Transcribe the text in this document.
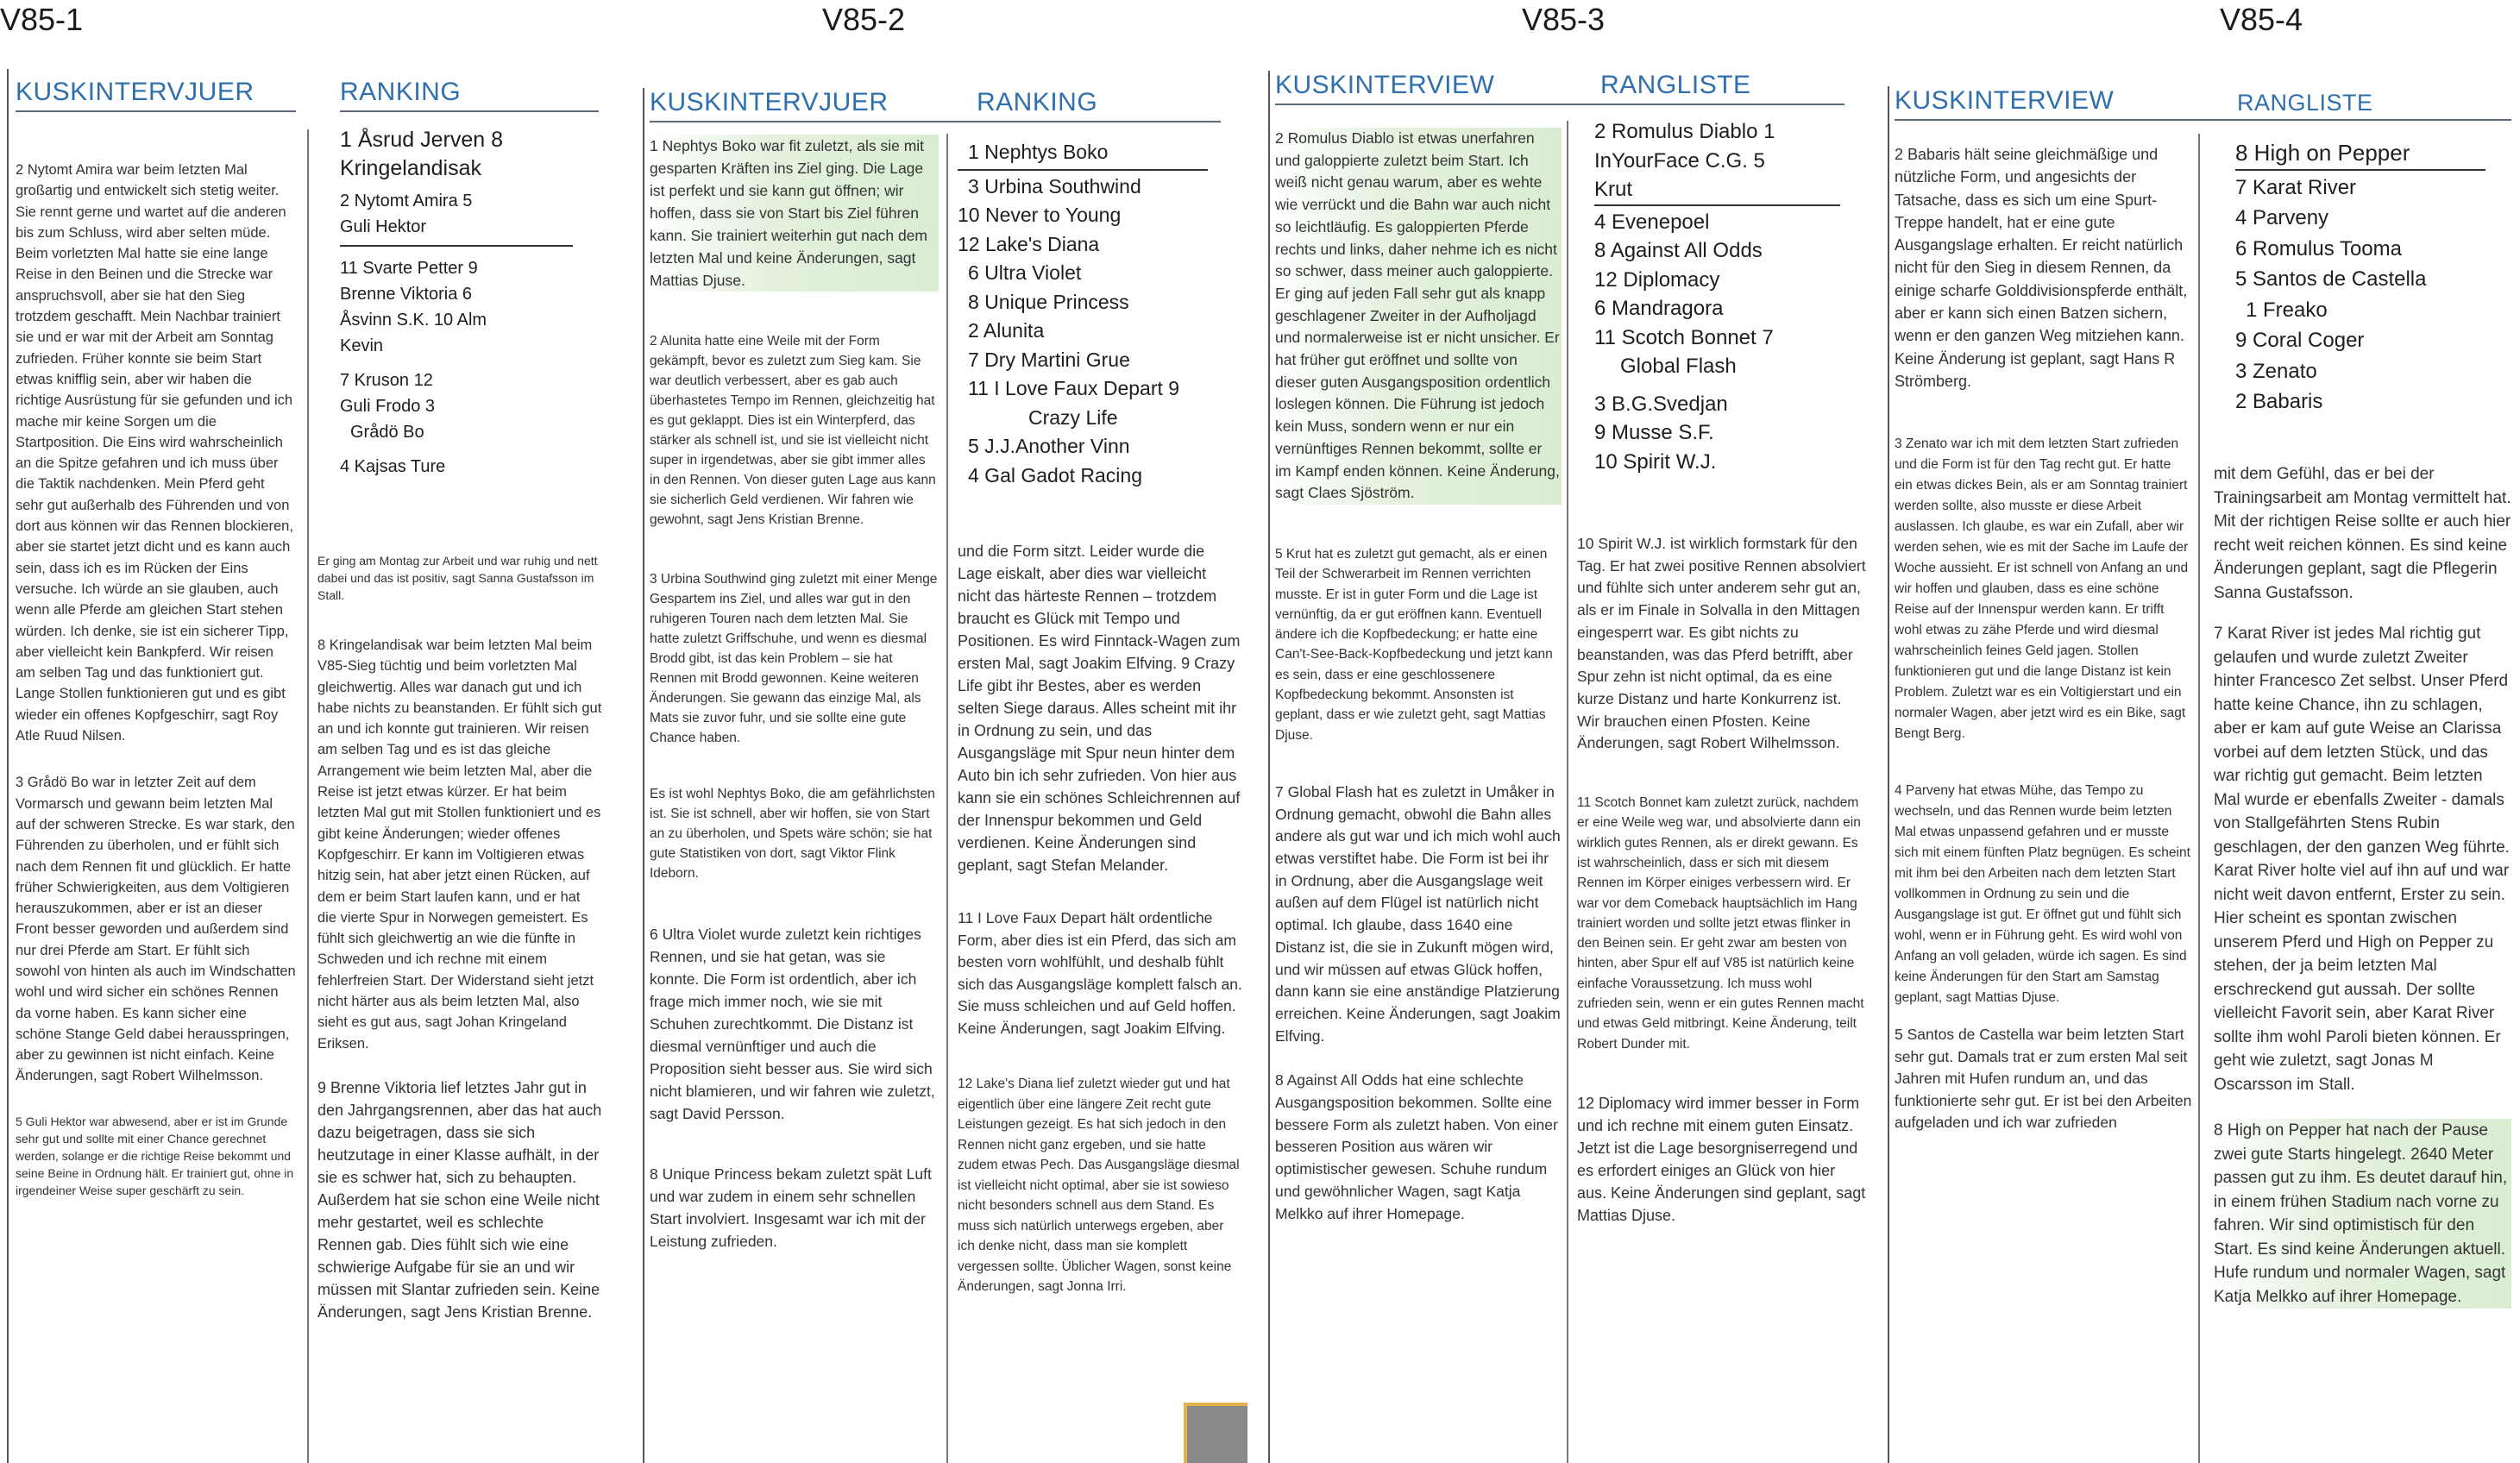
V85-1	V85-2	V85-3	V85-4
KUSKINTERVJUER	RANKING
1 Åsrud Jerven 8
Kringelandisak
2 Nytomt Amira 5
Guli Hektor
11 Svarte Petter 9
Brenne Viktoria 6
Åsvinn S.K. 10 Alm
Kevin
7 Kruson 12
Guli Frodo 3
Grådö Bo
4 Kajsas Ture

2 Nytomt Amira war beim letzten Mal großartig und entwickelt sich stetig weiter. Sie rennt gerne und wartet auf die anderen bis zum Schluss, wird aber selten müde. Beim vorletzten Mal hatte sie eine lange Reise in den Beinen und die Strecke war anspruchsvoll, aber sie hat den Sieg trotzdem geschafft. Mein Nachbar trainiert sie und er war mit der Arbeit am Sonntag zufrieden. Früher konnte sie beim Start etwas knifflig sein, aber wir haben die richtige Ausrüstung für sie gefunden und ich mache mir keine Sorgen um die Startposition. Die Eins wird wahrscheinlich an die Spitze gefahren und ich muss über die Taktik nachdenken. Mein Pferd geht sehr gut außerhalb des Führenden und von dort aus können wir das Rennen blockieren, aber sie startet jetzt dicht und es kann auch sein, dass ich es im Rücken der Eins versuche. Ich würde an sie glauben, auch wenn alle Pferde am gleichen Start stehen würden. Ich denke, sie ist ein sicherer Tipp, aber vielleicht kein Bankpferd. Wir reisen am selben Tag und das funktioniert gut. Lange Stollen funktionieren gut und es gibt wieder ein offenes Kopfgeschirr, sagt Roy Atle Ruud Nilsen.

3 Grådö Bo war in letzter Zeit auf dem Vormarsch und gewann beim letzten Mal auf der schweren Strecke. Es war stark, den Führenden zu überholen, und er fühlt sich nach dem Rennen fit und glücklich. Er hatte früher Schwierigkeiten, aus dem Voltigieren herauszukommen, aber er ist an dieser Front besser geworden und außerdem sind nur drei Pferde am Start. Er fühlt sich sowohl von hinten als auch im Windschatten wohl und wird sicher ein schönes Rennen da vorne haben. Es kann sicher eine schöne Stange Geld dabei herausspringen, aber zu gewinnen ist nicht einfach. Keine Änderungen, sagt Robert Wilhelmsson.

5 Guli Hektor war abwesend, aber er ist im Grunde sehr gut und sollte mit einer Chance gerechnet werden, solange er die richtige Reise bekommt und seine Beine in Ordnung hält. Er trainiert gut, ohne in irgendeiner Weise super geschärft zu sein.

Er ging am Montag zur Arbeit und war ruhig und nett dabei und das ist positiv, sagt Sanna Gustafsson im Stall.

8 Kringelandisak war beim letzten Mal beim V85-Sieg tüchtig und beim vorletzten Mal gleichwertig. Alles war danach gut und ich habe nichts zu beanstanden. Er fühlt sich gut an und ich konnte gut trainieren. Wir reisen am selben Tag und es ist das gleiche Arrangement wie beim letzten Mal, aber die Reise ist jetzt etwas kürzer. Er hat beim letzten Mal gut mit Stollen funktioniert und es gibt keine Änderungen; wieder offenes Kopfgeschirr. Er kann im Voltigieren etwas hitzig sein, hat aber jetzt einen Rücken, auf dem er beim Start laufen kann, und er hat die vierte Spur in Norwegen gemeistert. Es fühlt sich gleichwertig an wie die fünfte in Schweden und ich rechne mit einem fehlerfreien Start. Der Widerstand sieht jetzt nicht härter aus als beim letzten Mal, also sieht es gut aus, sagt Johan Kringeland Eriksen.

9 Brenne Viktoria lief letztes Jahr gut in den Jahrgangsrennen, aber das hat auch dazu beigetragen, dass sie sich heutzutage in einer Klasse aufhält, in der sie es schwer hat, sich zu behaupten. Außerdem hat sie schon eine Weile nicht mehr gestartet, weil es schlechte Rennen gab. Dies fühlt sich wie eine schwierige Aufgabe für sie an und wir müssen mit Slantar zufrieden sein. Keine Änderungen, sagt Jens Kristian Brenne.

KUSKINTERVJUER	RANKING
1 Nephtys Boko
3 Urbina Southwind
10 Never to Young
12 Lake's Diana
6 Ultra Violet
8 Unique Princess
2 Alunita
7 Dry Martini Grue
11 I Love Faux Depart 9
Crazy Life
5 J.J.Another Vinn
4 Gal Gadot Racing

1 Nephtys Boko war fit zuletzt, als sie mit gesparten Kräften ins Ziel ging. Die Lage ist perfekt und sie kann gut öffnen; wir hoffen, dass sie von Start bis Ziel führen kann. Sie trainiert weiterhin gut nach dem letzten Mal und keine Änderungen, sagt Mattias Djuse.

2 Alunita hatte eine Weile mit der Form gekämpft, bevor es zuletzt zum Sieg kam. Sie war deutlich verbessert, aber es gab auch überhastetes Tempo im Rennen, gleichzeitig hat es gut geklappt. Dies ist ein Winterpferd, das stärker als schnell ist, und sie ist vielleicht nicht super in irgendetwas, aber sie gibt immer alles in den Rennen. Von dieser guten Lage aus kann sie sicherlich Geld verdienen. Wir fahren wie gewohnt, sagt Jens Kristian Brenne.

3 Urbina Southwind ging zuletzt mit einer Menge Gespartem ins Ziel, und alles war gut in den ruhigeren Touren nach dem letzten Mal. Sie hatte zuletzt Griffschuhe, und wenn es diesmal Brodd gibt, ist das kein Problem – sie hat Rennen mit Brodd gewonnen. Keine weiteren Änderungen. Sie gewann das einzige Mal, als Mats sie zuvor fuhr, und sie sollte eine gute Chance haben.

Es ist wohl Nephtys Boko, die am gefährlichsten ist. Sie ist schnell, aber wir hoffen, sie von Start an zu überholen, und Spets wäre schön; sie hat gute Statistiken von dort, sagt Viktor Flink Ideborn.

6 Ultra Violet wurde zuletzt kein richtiges Rennen, und sie hat getan, was sie konnte. Die Form ist ordentlich, aber ich frage mich immer noch, wie sie mit Schuhen zurechtkommt. Die Distanz ist diesmal vernünftiger und auch die Proposition sieht besser aus. Sie wird sich nicht blamieren, und wir fahren wie zuletzt, sagt David Persson.

8 Unique Princess bekam zuletzt spät Luft und war zudem in einem sehr schnellen Start involviert. Insgesamt war ich mit der Leistung zufrieden.

und die Form sitzt. Leider wurde die Lage eiskalt, aber dies war vielleicht nicht das härteste Rennen – trotzdem braucht es Glück mit Tempo und Positionen. Es wird Finntack-Wagen zum ersten Mal, sagt Joakim Elfving. 9 Crazy Life gibt ihr Bestes, aber es werden selten Siege daraus. Alles scheint mit ihr in Ordnung zu sein, und das Ausgangsläge mit Spur neun hinter dem Auto bin ich sehr zufrieden. Von hier aus kann sie ein schönes Schleichrennen auf der Innenspur bekommen und Geld verdienen. Keine Änderungen sind geplant, sagt Stefan Melander.

11 I Love Faux Depart hält ordentliche Form, aber dies ist ein Pferd, das sich am besten vorn wohlfühlt, und deshalb fühlt sich das Ausgangsläge komplett falsch an. Sie muss schleichen und auf Geld hoffen. Keine Änderungen, sagt Joakim Elfving.

12 Lake's Diana lief zuletzt wieder gut und hat eigentlich über eine längere Zeit recht gute Leistungen gezeigt. Es hat sich jedoch in den Rennen nicht ganz ergeben, und sie hatte zudem etwas Pech. Das Ausgangsläge diesmal ist vielleicht nicht optimal, aber sie ist sowieso nicht besonders schnell aus dem Stand. Es muss sich natürlich unterwegs ergeben, aber ich denke nicht, dass man sie komplett vergessen sollte. Üblicher Wagen, sonst keine Änderungen, sagt Jonna Irri.

KUSKINTERVIEW	RANGLISTE
2 Romulus Diablo 1
InYourFace C.G. 5
Krut
4 Evenepoel
8 Against All Odds
12 Diplomacy
6 Mandragora
11 Scotch Bonnet 7
Global Flash
3 B.G.Svedjan
9 Musse S.F.
10 Spirit W.J.

2 Romulus Diablo ist etwas unerfahren und galoppierte zuletzt beim Start. Ich weiß nicht genau warum, aber es wehte wie verrückt und die Bahn war auch nicht so leichtläufig. Es galoppierten Pferde rechts und links, daher nehme ich es nicht so schwer, dass meiner auch galoppierte. Er ging auf jeden Fall sehr gut als knapp geschlagener Zweiter in der Aufholjagd und normalerweise ist er nicht unsicher. Er hat früher gut eröffnet und sollte von dieser guten Ausgangsposition ordentlich loslegen können. Die Führung ist jedoch kein Muss, sondern wenn er nur ein vernünftiges Rennen bekommt, sollte er im Kampf enden können. Keine Änderung, sagt Claes Sjöström.

5 Krut hat es zuletzt gut gemacht, als er einen Teil der Schwerarbeit im Rennen verrichten musste. Er ist in guter Form und die Lage ist vernünftig, da er gut eröffnen kann. Eventuell ändere ich die Kopfbedeckung; er hatte eine Can't-See-Back-Kopfbedeckung und jetzt kann es sein, dass er eine geschlossenere Kopfbedeckung bekommt. Ansonsten ist geplant, dass er wie zuletzt geht, sagt Mattias Djuse.

7 Global Flash hat es zuletzt in Umåker in Ordnung gemacht, obwohl die Bahn alles andere als gut war und ich mich wohl auch etwas verstiftet habe. Die Form ist bei ihr in Ordnung, aber die Ausgangslage weit außen auf dem Flügel ist natürlich nicht optimal. Ich glaube, dass 1640 eine Distanz ist, die sie in Zukunft mögen wird, und wir müssen auf etwas Glück hoffen, dann kann sie eine anständige Platzierung erreichen. Keine Änderungen, sagt Joakim Elfving.

8 Against All Odds hat eine schlechte Ausgangsposition bekommen. Sollte eine bessere Form als zuletzt haben. Von einer besseren Position aus wären wir optimistischer gewesen. Schuhe rundum und gewöhnlicher Wagen, sagt Katja Melkko auf ihrer Homepage.

10 Spirit W.J. ist wirklich formstark für den Tag. Er hat zwei positive Rennen absolviert und fühlte sich unter anderem sehr gut an, als er im Finale in Solvalla in den Mittagen eingesperrt war. Es gibt nichts zu beanstanden, was das Pferd betrifft, aber Spur zehn ist nicht optimal, da es eine kurze Distanz und harte Konkurrenz ist. Wir brauchen einen Pfosten. Keine Änderungen, sagt Robert Wilhelmsson.

11 Scotch Bonnet kam zuletzt zurück, nachdem er eine Weile weg war, und absolvierte dann ein wirklich gutes Rennen, als er direkt gewann. Es ist wahrscheinlich, dass er sich mit diesem Rennen im Körper einiges verbessern wird. Er war vor dem Comeback hauptsächlich im Hang trainiert worden und sollte jetzt etwas flinker in den Beinen sein. Er geht zwar am besten von hinten, aber Spur elf auf V85 ist natürlich keine einfache Voraussetzung. Ich muss wohl zufrieden sein, wenn er ein gutes Rennen macht und etwas Geld mitbringt. Keine Änderung, teilt Robert Dunder mit.

12 Diplomacy wird immer besser in Form und ich rechne mit einem guten Einsatz. Jetzt ist die Lage besorgniserregend und es erfordert einiges an Glück von hier aus. Keine Änderungen sind geplant, sagt Mattias Djuse.

KUSKINTERVIEW	RANGLISTE
8 High on Pepper
7 Karat River
4 Parveny
6 Romulus Tooma
5 Santos de Castella
1 Freako
9 Coral Coger
3 Zenato
2 Babaris

2 Babaris hält seine gleichmäßige und nützliche Form, und angesichts der Tatsache, dass es sich um eine Spurt-Treppe handelt, hat er eine gute Ausgangslage erhalten. Er reicht natürlich nicht für den Sieg in diesem Rennen, da einige scharfe Golddivisionspferde enthält, aber er kann sich einen Batzen sichern, wenn er den ganzen Weg mitziehen kann. Keine Änderung ist geplant, sagt Hans R Strömberg.

3 Zenato war ich mit dem letzten Start zufrieden und die Form ist für den Tag recht gut. Er hatte ein etwas dickes Bein, als er am Sonntag trainiert werden sollte, also musste er diese Arbeit auslassen. Ich glaube, es war ein Zufall, aber wir werden sehen, wie es mit der Sache im Laufe der Woche aussieht. Er ist schnell von Anfang an und wir hoffen und glauben, dass es eine schöne Reise auf der Innenspur werden kann. Er trifft wohl etwas zu zähe Pferde und wird diesmal wahrscheinlich feines Geld jagen. Stollen funktionieren gut und die lange Distanz ist kein Problem. Zuletzt war es ein Voltigierstart und ein normaler Wagen, aber jetzt wird es ein Bike, sagt Bengt Berg.

4 Parveny hat etwas Mühe, das Tempo zu wechseln, und das Rennen wurde beim letzten Mal etwas unpassend gefahren und er musste sich mit einem fünften Platz begnügen. Es scheint mit ihm bei den Arbeiten nach dem letzten Start vollkommen in Ordnung zu sein und die Ausgangslage ist gut. Er öffnet gut und fühlt sich wohl, wenn er in Führung geht. Es wird wohl von Anfang an voll geladen, würde ich sagen. Es sind keine Änderungen für den Start am Samstag geplant, sagt Mattias Djuse.

5 Santos de Castella war beim letzten Start sehr gut. Damals trat er zum ersten Mal seit Jahren mit Hufen rundum an, und das funktionierte sehr gut. Er ist bei den Arbeiten aufgeladen und ich war zufrieden

mit dem Gefühl, das er bei der Trainingsarbeit am Montag vermittelt hat. Mit der richtigen Reise sollte er auch hier recht weit reichen können. Es sind keine Änderungen geplant, sagt die Pflegerin Sanna Gustafsson.

7 Karat River ist jedes Mal richtig gut gelaufen und wurde zuletzt Zweiter hinter Francesco Zet selbst. Unser Pferd hatte keine Chance, ihn zu schlagen, aber er kam auf gute Weise an Clarissa vorbei auf dem letzten Stück, und das war richtig gut gemacht. Beim letzten Mal wurde er ebenfalls Zweiter - damals von Stallgefährten Stens Rubin geschlagen, der den ganzen Weg führte. Karat River holte viel auf ihn auf und war nicht weit davon entfernt, Erster zu sein. Hier scheint es spontan zwischen unserem Pferd und High on Pepper zu stehen, der ja beim letzten Mal erschreckend gut aussah. Der sollte vielleicht Favorit sein, aber Karat River sollte ihm wohl Paroli bieten können. Er geht wie zuletzt, sagt Jonas M Oscarsson im Stall.

8 High on Pepper hat nach der Pause zwei gute Starts hingelegt. 2640 Meter passen gut zu ihm. Es deutet darauf hin, in einem frühen Stadium nach vorne zu fahren. Wir sind optimistisch für den Start. Es sind keine Änderungen aktuell. Hufe rundum und normaler Wagen, sagt Katja Melkko auf ihrer Homepage.
